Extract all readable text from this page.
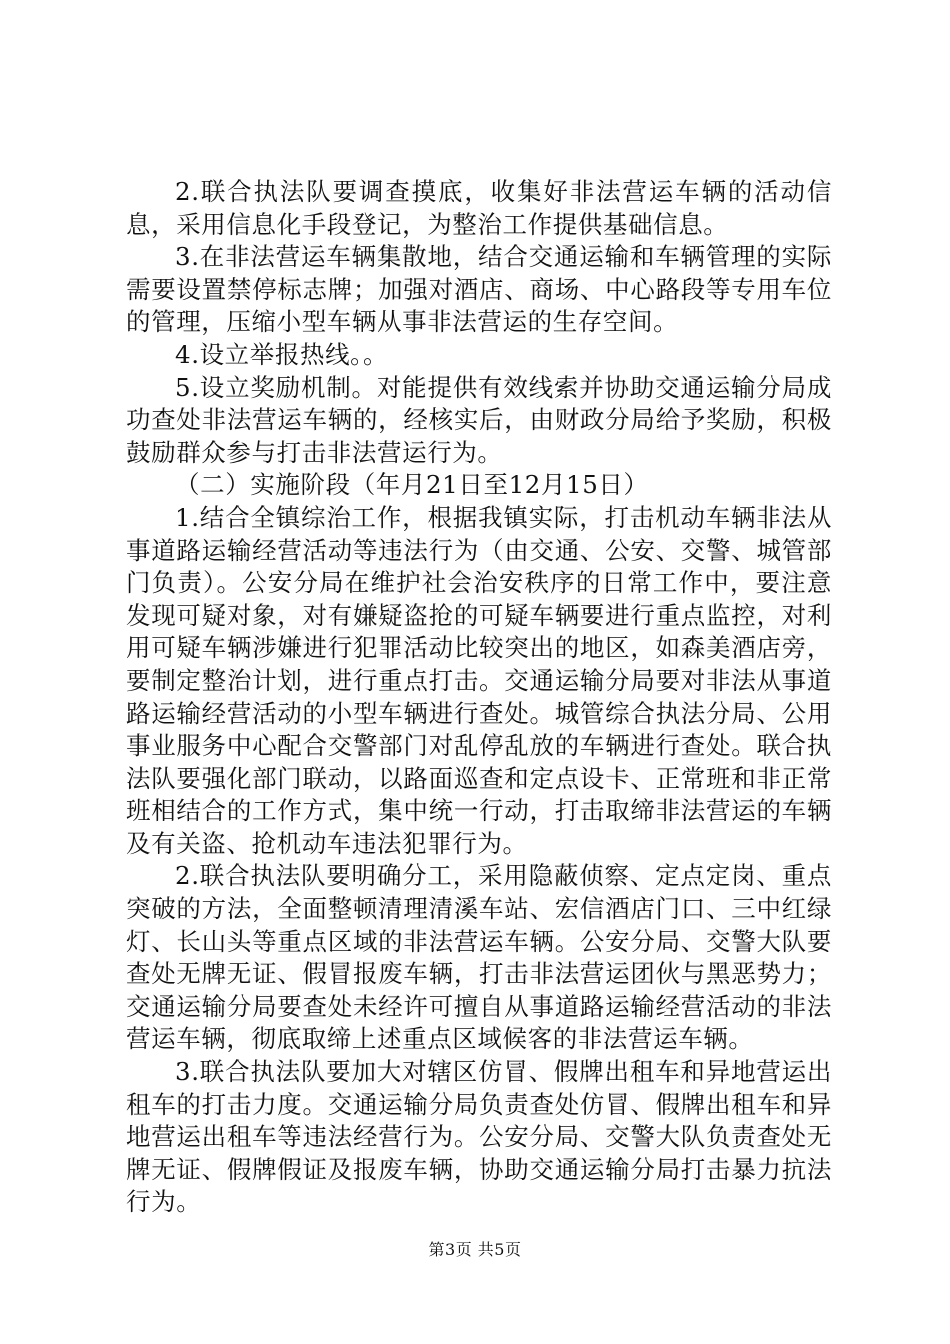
2.联合执法队要调查摸底，收集好非法营运车辆的活动信息，采用信息化手段登记，为整治工作提供基础信息。

3.在非法营运车辆集散地，结合交通运输和车辆管理的实际需要设置禁停标志牌；加强对酒店、商场、中心路段等专用车位的管理，压缩小型车辆从事非法营运的生存空间。

4.设立举报热线。。

5.设立奖励机制。对能提供有效线索并协助交通运输分局成功查处非法营运车辆的，经核实后，由财政分局给予奖励，积极鼓励群众参与打击非法营运行为。

（二）实施阶段（年月21日至12月15日）

1.结合全镇综治工作，根据我镇实际，打击机动车辆非法从事道路运输经营活动等违法行为（由交通、公安、交警、城管部门负责）。公安分局在维护社会治安秩序的日常工作中，要注意发现可疑对象，对有嫌疑盗抢的可疑车辆要进行重点监控，对利用可疑车辆涉嫌进行犯罪活动比较突出的地区，如森美酒店旁，要制定整治计划，进行重点打击。交通运输分局要对非法从事道路运输经营活动的小型车辆进行查处。城管综合执法分局、公用事业服务中心配合交警部门对乱停乱放的车辆进行查处。联合执法队要强化部门联动，以路面巡查和定点设卡、正常班和非正常班相结合的工作方式，集中统一行动，打击取缔非法营运的车辆及有关盗、抢机动车违法犯罪行为。

2.联合执法队要明确分工，采用隐蔽侦察、定点定岗、重点突破的方法，全面整顿清理清溪车站、宏信酒店门口、三中红绿灯、长山头等重点区域的非法营运车辆。公安分局、交警大队要查处无牌无证、假冒报废车辆，打击非法营运团伙与黑恶势力；交通运输分局要查处未经许可擅自从事道路运输经营活动的非法营运车辆，彻底取缔上述重点区域候客的非法营运车辆。

3.联合执法队要加大对辖区仿冒、假牌出租车和异地营运出租车的打击力度。交通运输分局负责查处仿冒、假牌出租车和异地营运出租车等违法经营行为。公安分局、交警大队负责查处无牌无证、假牌假证及报废车辆，协助交通运输分局打击暴力抗法行为。

第3页 共5页
